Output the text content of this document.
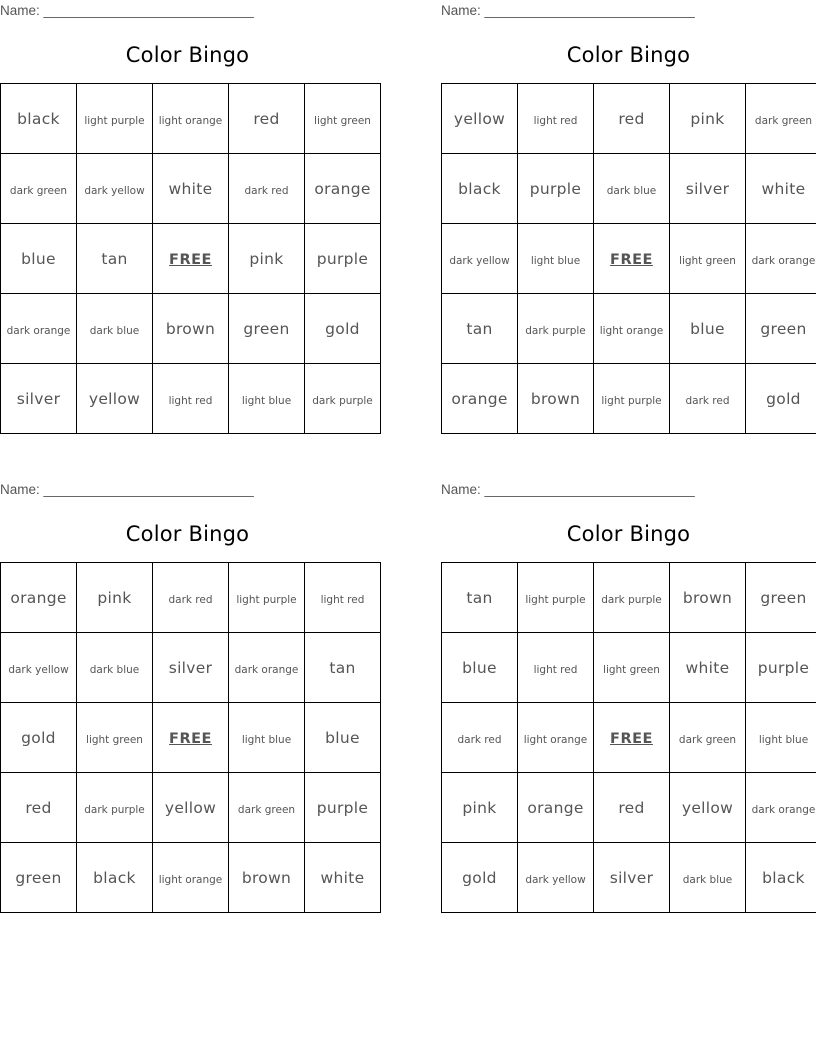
Name: ____________________________
Color Bingo
black	light purple	light orange	red	light green
dark green	dark yellow	white	dark red	orange
blue	tan	FREE	pink	purple
dark orange	dark blue	brown	green	gold
silver	yellow	light red	light blue	dark purple
Name: ____________________________
Color Bingo
yellow	light red	red	pink	dark green
black	purple	dark blue	silver	white
dark yellow	light blue	FREE	light green	dark orange
tan	dark purple	light orange	blue	green
orange	brown	light purple	dark red	gold
Name: ____________________________
Color Bingo
orange	pink	dark red	light purple	light red
dark yellow	dark blue	silver	dark orange	tan
gold	light green	FREE	light blue	blue
red	dark purple	yellow	dark green	purple
green	black	light orange	brown	white
Name: ____________________________
Color Bingo
tan	light purple	dark purple	brown	green
blue	light red	light green	white	purple
dark red	light orange	FREE	dark green	light blue
pink	orange	red	yellow	dark orange
gold	dark yellow	silver	dark blue	black
